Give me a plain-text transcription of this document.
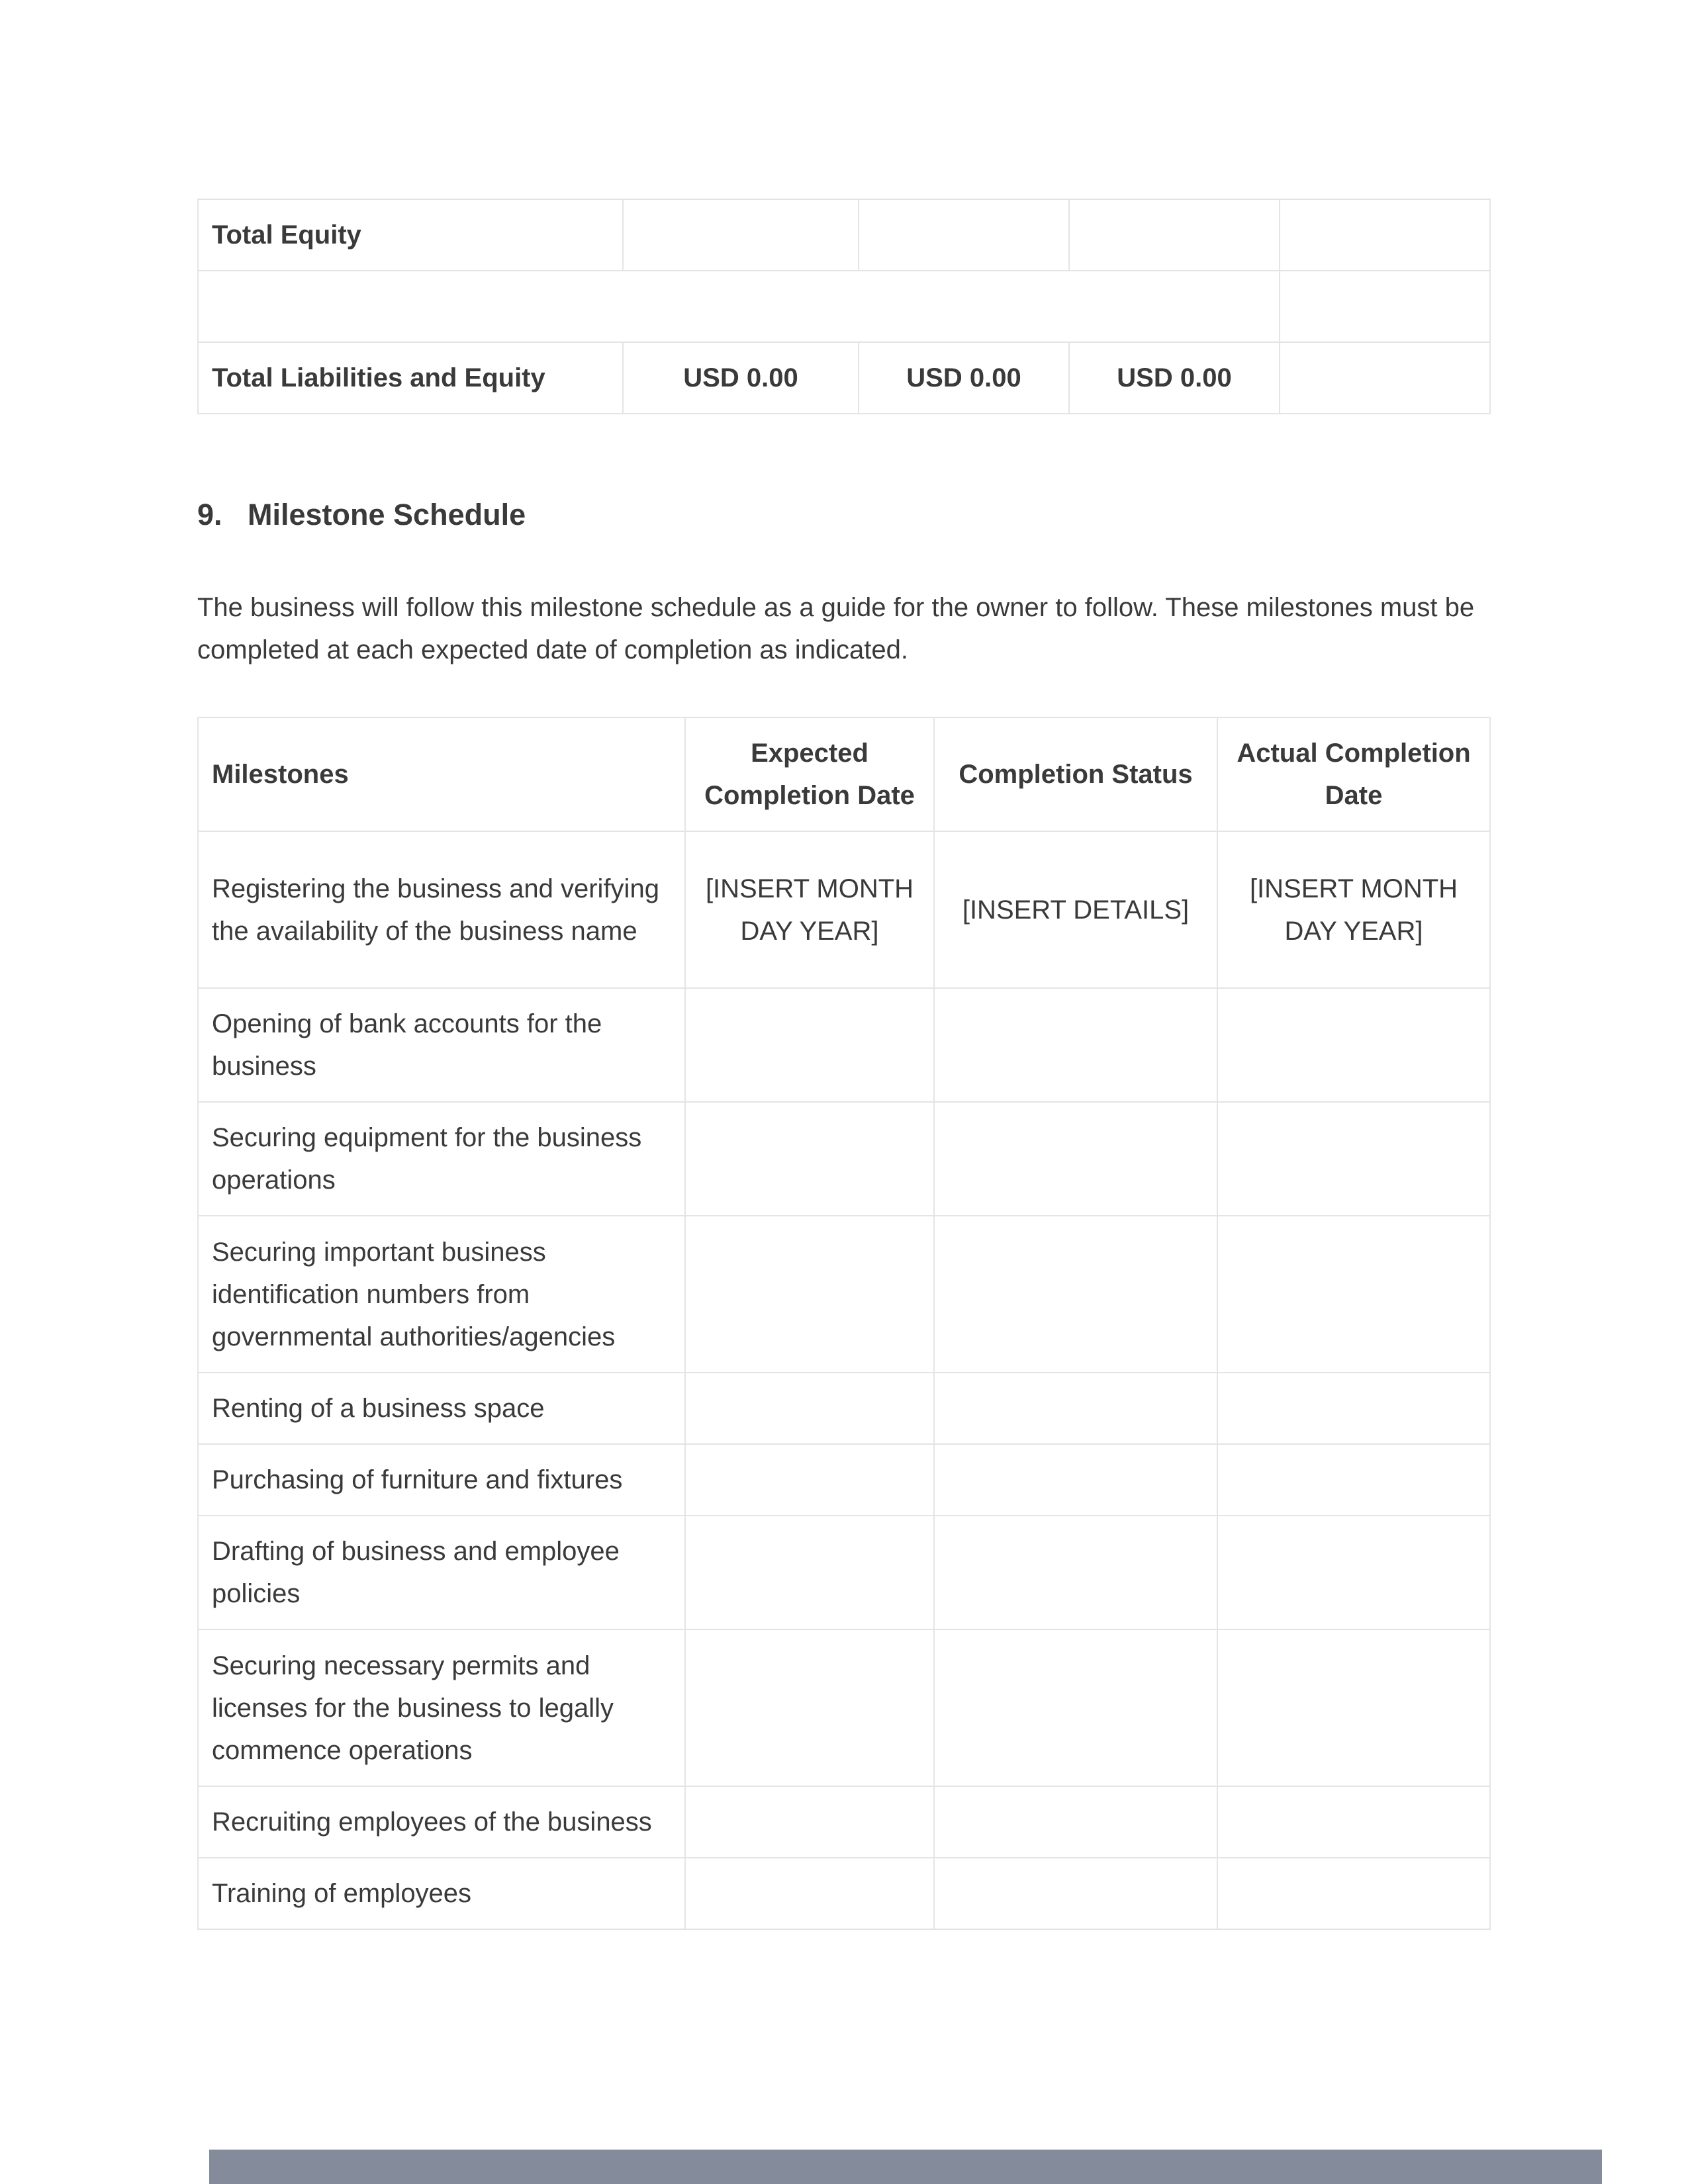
Total Equity				

Total Liabilities and Equity	USD 0.00	USD 0.00	USD 0.00	
9. Milestone Schedule
The business will follow this milestone schedule as a guide for the owner to follow. These milestones must be completed at each expected date of completion as indicated.
Milestones	Expected Completion Date	Completion Status	Actual Completion Date
Registering the business and verifying the availability of the business name	[INSERT MONTH DAY YEAR]	[INSERT DETAILS]	[INSERT MONTH DAY YEAR]
Opening of bank accounts for the business			
Securing equipment for the business operations			
Securing important business identification numbers from governmental authorities/agencies			
Renting of a business space			
Purchasing of furniture and fixtures			
Drafting of business and employee policies			
Securing necessary permits and licenses for the business to legally commence operations			
Recruiting employees of the business			
Training of employees			
